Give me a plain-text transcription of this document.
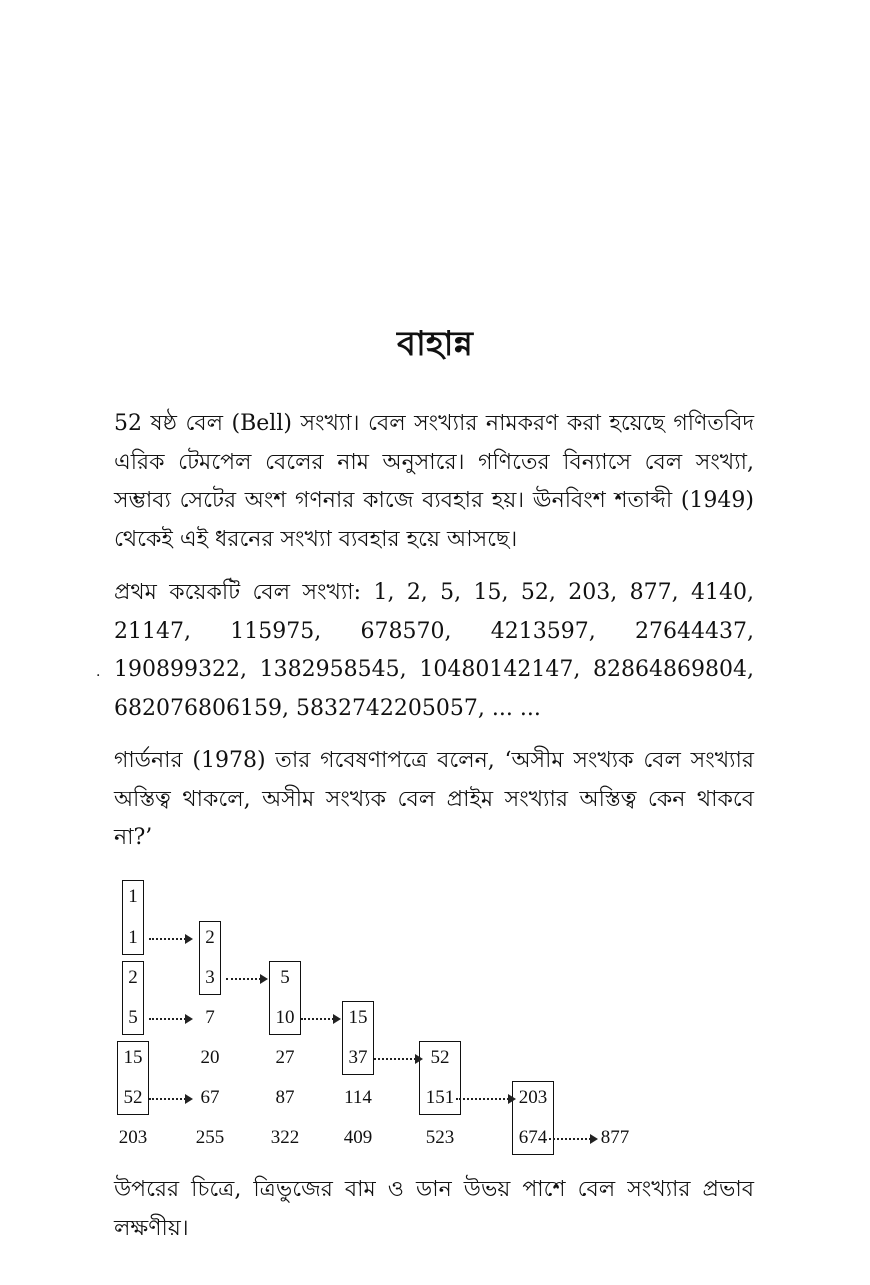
বাহান্ন

52 ষষ্ঠ বেল (Bell) সংখ্যা। বেল সংখ্যার নামকরণ করা হয়েছে গণিতবিদ এরিক টেমপেল বেলের নাম অনুসারে। গণিতের বিন্যাসে বেল সংখ্যা, সম্ভাব্য সেটের অংশ গণনার কাজে ব্যবহার হয়। ঊনবিংশ শতাব্দী (1949) থেকেই এই ধরনের সংখ্যা ব্যবহার হয়ে আসছে।

প্রথম কয়েকটি বেল সংখ্যা: 1, 2, 5, 15, 52, 203, 877, 4140, 21147, 115975, 678570, 4213597, 27644437, 190899322, 1382958545, 10480142147, 82864869804, 682076806159, 5832742205057, ... ...

গার্ডনার (1978) তার গবেষণাপত্রে বলেন, ‘অসীম সংখ্যক বেল সংখ্যার অস্তিত্ব থাকলে, অসীম সংখ্যক বেল প্রাইম সংখ্যার অস্তিত্ব কেন থাকবে না?’

·
1
1	2
2	3	5
5	7	10	15
15	20	27	37	52
52	67	87	114	151	203
203	255	322	409	523	674	877

উপরের চিত্রে, ত্রিভুজের বাম ও ডান উভয় পাশে বেল সংখ্যার প্রভাব লক্ষণীয়।
